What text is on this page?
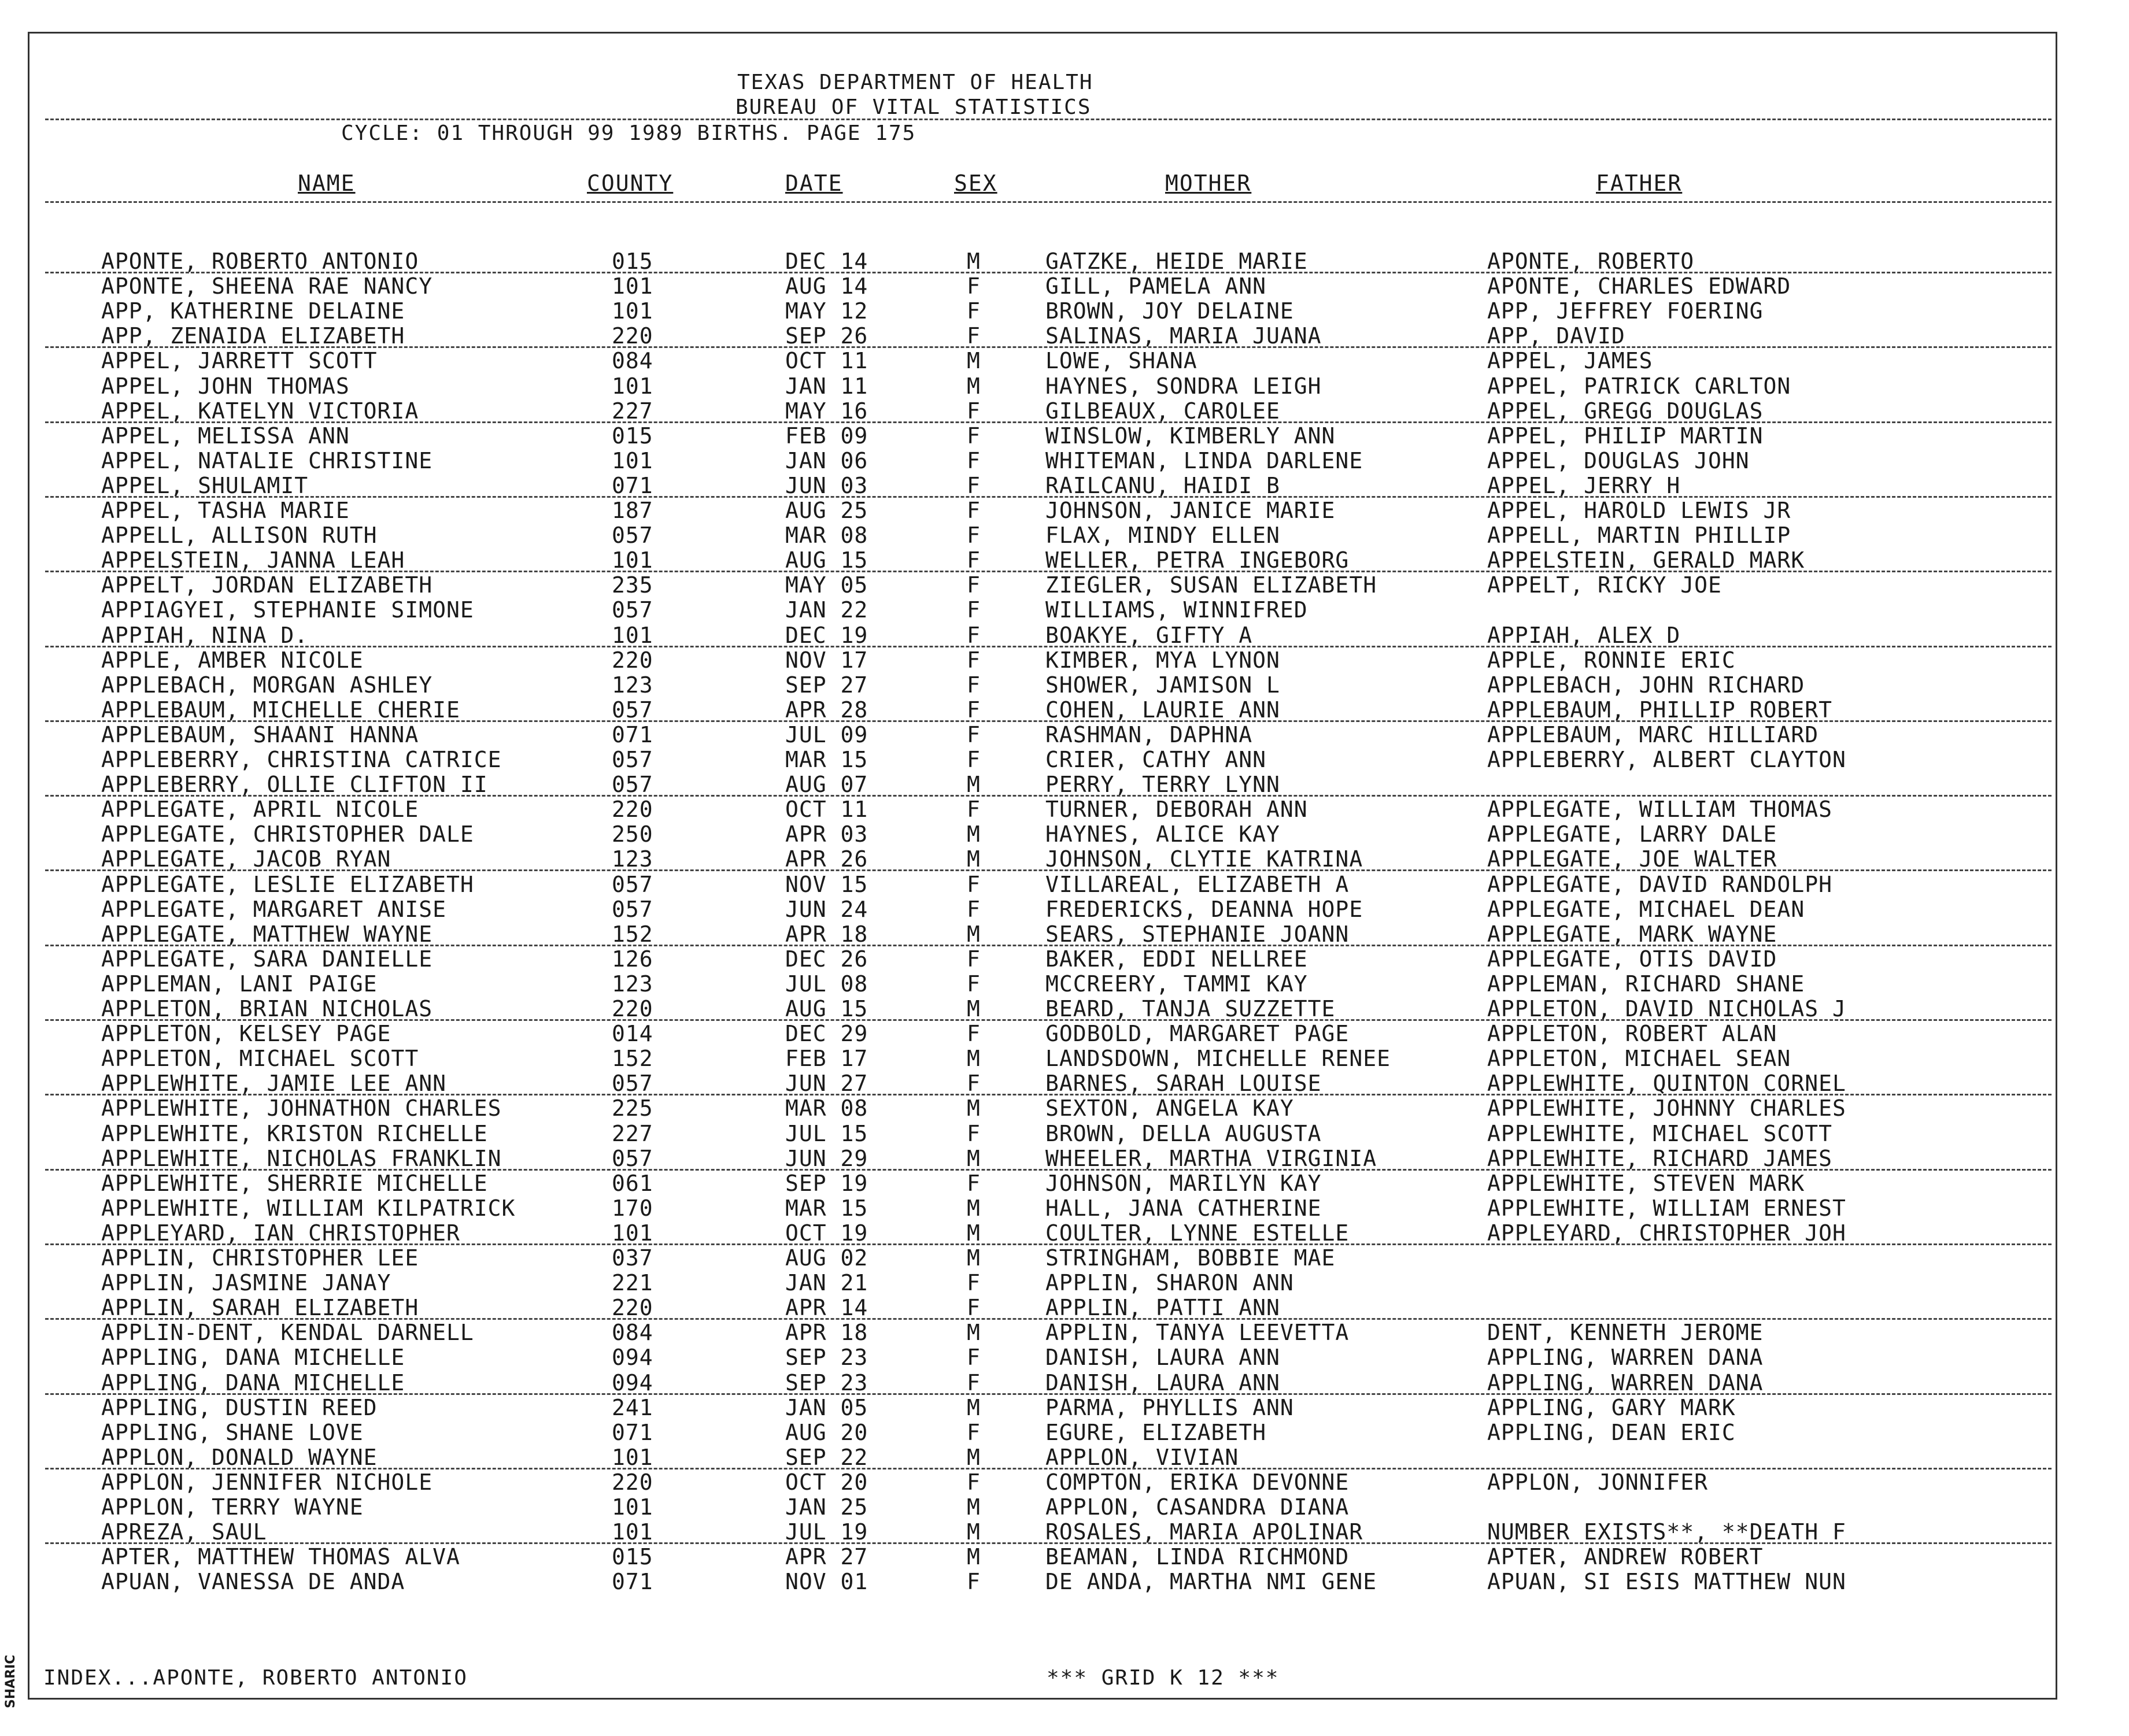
TEXAS DEPARTMENT OF HEALTH
BUREAU OF VITAL STATISTICS
CYCLE: 01 THROUGH 99 1989 BIRTHS. PAGE 175
NAME	COUNTY	DATE	SEX	MOTHER	FATHER
APONTE, ROBERTO ANTONIO	015	DEC 14	M	GATZKE, HEIDE MARIE	APONTE, ROBERTO
APONTE, SHEENA RAE NANCY	101	AUG 14	F	GILL, PAMELA ANN	APONTE, CHARLES EDWARD
APP, KATHERINE DELAINE	101	MAY 12	F	BROWN, JOY DELAINE	APP, JEFFREY FOERING
APP, ZENAIDA ELIZABETH	220	SEP 26	F	SALINAS, MARIA JUANA	APP, DAVID
APPEL, JARRETT SCOTT	084	OCT 11	M	LOWE, SHANA	APPEL, JAMES
APPEL, JOHN THOMAS	101	JAN 11	M	HAYNES, SONDRA LEIGH	APPEL, PATRICK CARLTON
APPEL, KATELYN VICTORIA	227	MAY 16	F	GILBEAUX, CAROLEE	APPEL, GREGG DOUGLAS
APPEL, MELISSA ANN	015	FEB 09	F	WINSLOW, KIMBERLY ANN	APPEL, PHILIP MARTIN
APPEL, NATALIE CHRISTINE	101	JAN 06	F	WHITEMAN, LINDA DARLENE	APPEL, DOUGLAS JOHN
APPEL, SHULAMIT	071	JUN 03	F	RAILCANU, HAIDI B	APPEL, JERRY H
APPEL, TASHA MARIE	187	AUG 25	F	JOHNSON, JANICE MARIE	APPEL, HAROLD LEWIS JR
APPELL, ALLISON RUTH	057	MAR 08	F	FLAX, MINDY ELLEN	APPELL, MARTIN PHILLIP
APPELSTEIN, JANNA LEAH	101	AUG 15	F	WELLER, PETRA INGEBORG	APPELSTEIN, GERALD MARK
APPELT, JORDAN ELIZABETH	235	MAY 05	F	ZIEGLER, SUSAN ELIZABETH	APPELT, RICKY JOE
APPIAGYEI, STEPHANIE SIMONE	057	JAN 22	F	WILLIAMS, WINNIFRED
APPIAH, NINA D.	101	DEC 19	F	BOAKYE, GIFTY A	APPIAH, ALEX D
APPLE, AMBER NICOLE	220	NOV 17	F	KIMBER, MYA LYNON	APPLE, RONNIE ERIC
APPLEBACH, MORGAN ASHLEY	123	SEP 27	F	SHOWER, JAMISON L	APPLEBACH, JOHN RICHARD
APPLEBAUM, MICHELLE CHERIE	057	APR 28	F	COHEN, LAURIE ANN	APPLEBAUM, PHILLIP ROBERT
APPLEBAUM, SHAANI HANNA	071	JUL 09	F	RASHMAN, DAPHNA	APPLEBAUM, MARC HILLIARD
APPLEBERRY, CHRISTINA CATRICE	057	MAR 15	F	CRIER, CATHY ANN	APPLEBERRY, ALBERT CLAYTON
APPLEBERRY, OLLIE CLIFTON II	057	AUG 07	M	PERRY, TERRY LYNN
APPLEGATE, APRIL NICOLE	220	OCT 11	F	TURNER, DEBORAH ANN	APPLEGATE, WILLIAM THOMAS
APPLEGATE, CHRISTOPHER DALE	250	APR 03	M	HAYNES, ALICE KAY	APPLEGATE, LARRY DALE
APPLEGATE, JACOB RYAN	123	APR 26	M	JOHNSON, CLYTIE KATRINA	APPLEGATE, JOE WALTER
APPLEGATE, LESLIE ELIZABETH	057	NOV 15	F	VILLAREAL, ELIZABETH A	APPLEGATE, DAVID RANDOLPH
APPLEGATE, MARGARET ANISE	057	JUN 24	F	FREDERICKS, DEANNA HOPE	APPLEGATE, MICHAEL DEAN
APPLEGATE, MATTHEW WAYNE	152	APR 18	M	SEARS, STEPHANIE JOANN	APPLEGATE, MARK WAYNE
APPLEGATE, SARA DANIELLE	126	DEC 26	F	BAKER, EDDI NELLREE	APPLEGATE, OTIS DAVID
APPLEMAN, LANI PAIGE	123	JUL 08	F	MCCREERY, TAMMI KAY	APPLEMAN, RICHARD SHANE
APPLETON, BRIAN NICHOLAS	220	AUG 15	M	BEARD, TANJA SUZZETTE	APPLETON, DAVID NICHOLAS J
APPLETON, KELSEY PAGE	014	DEC 29	F	GODBOLD, MARGARET PAGE	APPLETON, ROBERT ALAN
APPLETON, MICHAEL SCOTT	152	FEB 17	M	LANDSDOWN, MICHELLE RENEE	APPLETON, MICHAEL SEAN
APPLEWHITE, JAMIE LEE ANN	057	JUN 27	F	BARNES, SARAH LOUISE	APPLEWHITE, QUINTON CORNEL
APPLEWHITE, JOHNATHON CHARLES	225	MAR 08	M	SEXTON, ANGELA KAY	APPLEWHITE, JOHNNY CHARLES
APPLEWHITE, KRISTON RICHELLE	227	JUL 15	F	BROWN, DELLA AUGUSTA	APPLEWHITE, MICHAEL SCOTT
APPLEWHITE, NICHOLAS FRANKLIN	057	JUN 29	M	WHEELER, MARTHA VIRGINIA	APPLEWHITE, RICHARD JAMES
APPLEWHITE, SHERRIE MICHELLE	061	SEP 19	F	JOHNSON, MARILYN KAY	APPLEWHITE, STEVEN MARK
APPLEWHITE, WILLIAM KILPATRICK	170	MAR 15	M	HALL, JANA CATHERINE	APPLEWHITE, WILLIAM ERNEST
APPLEYARD, IAN CHRISTOPHER	101	OCT 19	M	COULTER, LYNNE ESTELLE	APPLEYARD, CHRISTOPHER JOH
APPLIN, CHRISTOPHER LEE	037	AUG 02	M	STRINGHAM, BOBBIE MAE
APPLIN, JASMINE JANAY	221	JAN 21	F	APPLIN, SHARON ANN
APPLIN, SARAH ELIZABETH	220	APR 14	F	APPLIN, PATTI ANN
APPLIN-DENT, KENDAL DARNELL	084	APR 18	M	APPLIN, TANYA LEEVETTA	DENT, KENNETH JEROME
APPLING, DANA MICHELLE	094	SEP 23	F	DANISH, LAURA ANN	APPLING, WARREN DANA
APPLING, DANA MICHELLE	094	SEP 23	F	DANISH, LAURA ANN	APPLING, WARREN DANA
APPLING, DUSTIN REED	241	JAN 05	M	PARMA, PHYLLIS ANN	APPLING, GARY MARK
APPLING, SHANE LOVE	071	AUG 20	F	EGURE, ELIZABETH	APPLING, DEAN ERIC
APPLON, DONALD WAYNE	101	SEP 22	M	APPLON, VIVIAN
APPLON, JENNIFER NICHOLE	220	OCT 20	F	COMPTON, ERIKA DEVONNE	APPLON, JONNIFER
APPLON, TERRY WAYNE	101	JAN 25	M	APPLON, CASANDRA DIANA
APREZA, SAUL	101	JUL 19	M	ROSALES, MARIA APOLINAR	NUMBER EXISTS**, **DEATH F
APTER, MATTHEW THOMAS ALVA	015	APR 27	M	BEAMAN, LINDA RICHMOND	APTER, ANDREW ROBERT
APUAN, VANESSA DE ANDA	071	NOV 01	F	DE ANDA, MARTHA NMI GENE	APUAN, SI ESIS MATTHEW NUN
INDEX...APONTE, ROBERTO ANTONIO	*** GRID K 12 ***
SHARIC
